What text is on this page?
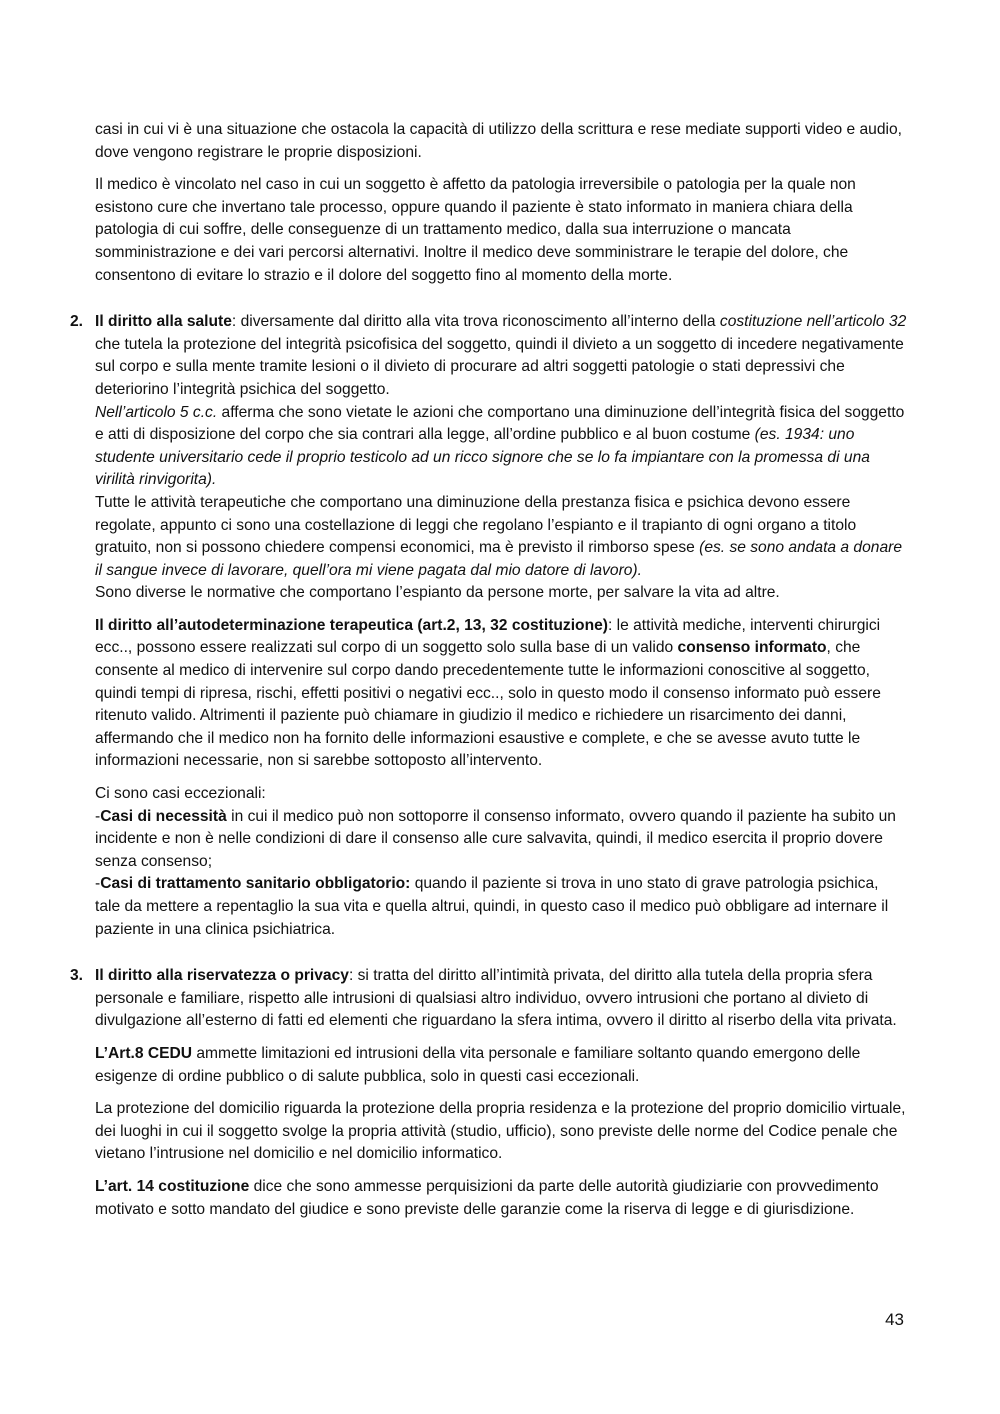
casi in cui vi è una situazione che ostacola la capacità di utilizzo della scrittura e rese mediate supporti video e audio, dove vengono registrare le proprie disposizioni.

Il medico è vincolato nel caso in cui un soggetto è affetto da patologia irreversibile o patologia per la quale non esistono cure che invertano tale processo, oppure quando il paziente è stato informato in maniera chiara della patologia di cui soffre, delle conseguenze di un trattamento medico, dalla sua interruzione o mancata somministrazione e dei vari percorsi alternativi. Inoltre il medico deve somministrare le terapie del dolore, che consentono di evitare lo strazio e il dolore del soggetto fino al momento della morte.

2. Il diritto alla salute: diversamente dal diritto alla vita trova riconoscimento all’interno della costituzione nell’articolo 32 che tutela la protezione del integrità psicofisica del soggetto, quindi il divieto a un soggetto di incedere negativamente sul corpo e sulla mente tramite lesioni o il divieto di procurare ad altri soggetti patologie o stati depressivi che deteriorino l’integrità psichica del soggetto.

Nell’articolo 5 c.c. afferma che sono vietate le azioni che comportano una diminuzione dell’integrità fisica del soggetto e atti di disposizione del corpo che sia contrari alla legge, all’ordine pubblico e al buon costume (es. 1934: uno studente universitario cede il proprio testicolo ad un ricco signore che se lo fa impiantare con la promessa di una virilità rinvigorita).

Tutte le attività terapeutiche che comportano una diminuzione della prestanza fisica e psichica devono essere regolate, appunto ci sono una costellazione di leggi che regolano l’espianto e il trapianto di ogni organo a titolo gratuito, non si possono chiedere compensi economici, ma è previsto il rimborso spese (es. se sono andata a donare il sangue invece di lavorare, quell’ora mi viene pagata dal mio datore di lavoro).

Sono diverse le normative che comportano l’espianto da persone morte, per salvare la vita ad altre.

Il diritto all’autodeterminazione terapeutica (art.2, 13, 32 costituzione): le attività mediche, interventi chirurgici ecc.., possono essere realizzati sul corpo di un soggetto solo sulla base di un valido consenso informato, che consente al medico di intervenire sul corpo dando precedentemente tutte le informazioni conoscitive al soggetto, quindi tempi di ripresa, rischi, effetti positivi o negativi ecc.., solo in questo modo il consenso informato può essere ritenuto valido. Altrimenti il paziente può chiamare in giudizio il medico e richiedere un risarcimento dei danni, affermando che il medico non ha fornito delle informazioni esaustive e complete, e che se avesse avuto tutte le informazioni necessarie, non si sarebbe sottoposto all’intervento.

Ci sono casi eccezionali:

-Casi di necessità in cui il medico può non sottoporre il consenso informato, ovvero quando il paziente ha subito un incidente e non è nelle condizioni di dare il consenso alle cure salvavita, quindi, il medico esercita il proprio dovere senza consenso;

-Casi di trattamento sanitario obbligatorio: quando il paziente si trova in uno stato di grave patrologia psichica, tale da mettere a repentaglio la sua vita e quella altrui, quindi, in questo caso il medico può obbligare ad internare il paziente in una clinica psichiatrica.

3. Il diritto alla riservatezza o privacy: si tratta del diritto all’intimità privata, del diritto alla tutela della propria sfera personale e familiare, rispetto alle intrusioni di qualsiasi altro individuo, ovvero intrusioni che portano al divieto di divulgazione all’esterno di fatti ed elementi che riguardano la sfera intima, ovvero il diritto al riserbo della vita privata.

L’Art.8 CEDU ammette limitazioni ed intrusioni della vita personale e familiare soltanto quando emergono delle esigenze di ordine pubblico o di salute pubblica, solo in questi casi eccezionali.

La protezione del domicilio riguarda la protezione della propria residenza e la protezione del proprio domicilio virtuale, dei luoghi in cui il soggetto svolge la propria attività (studio, ufficio), sono previste delle norme del Codice penale che vietano l’intrusione nel domicilio e nel domicilio informatico.

L’art. 14 costituzione dice che sono ammesse perquisizioni da parte delle autorità giudiziarie con provvedimento motivato e sotto mandato del giudice e sono previste delle garanzie come la riserva di legge e di giurisdizione.

43
